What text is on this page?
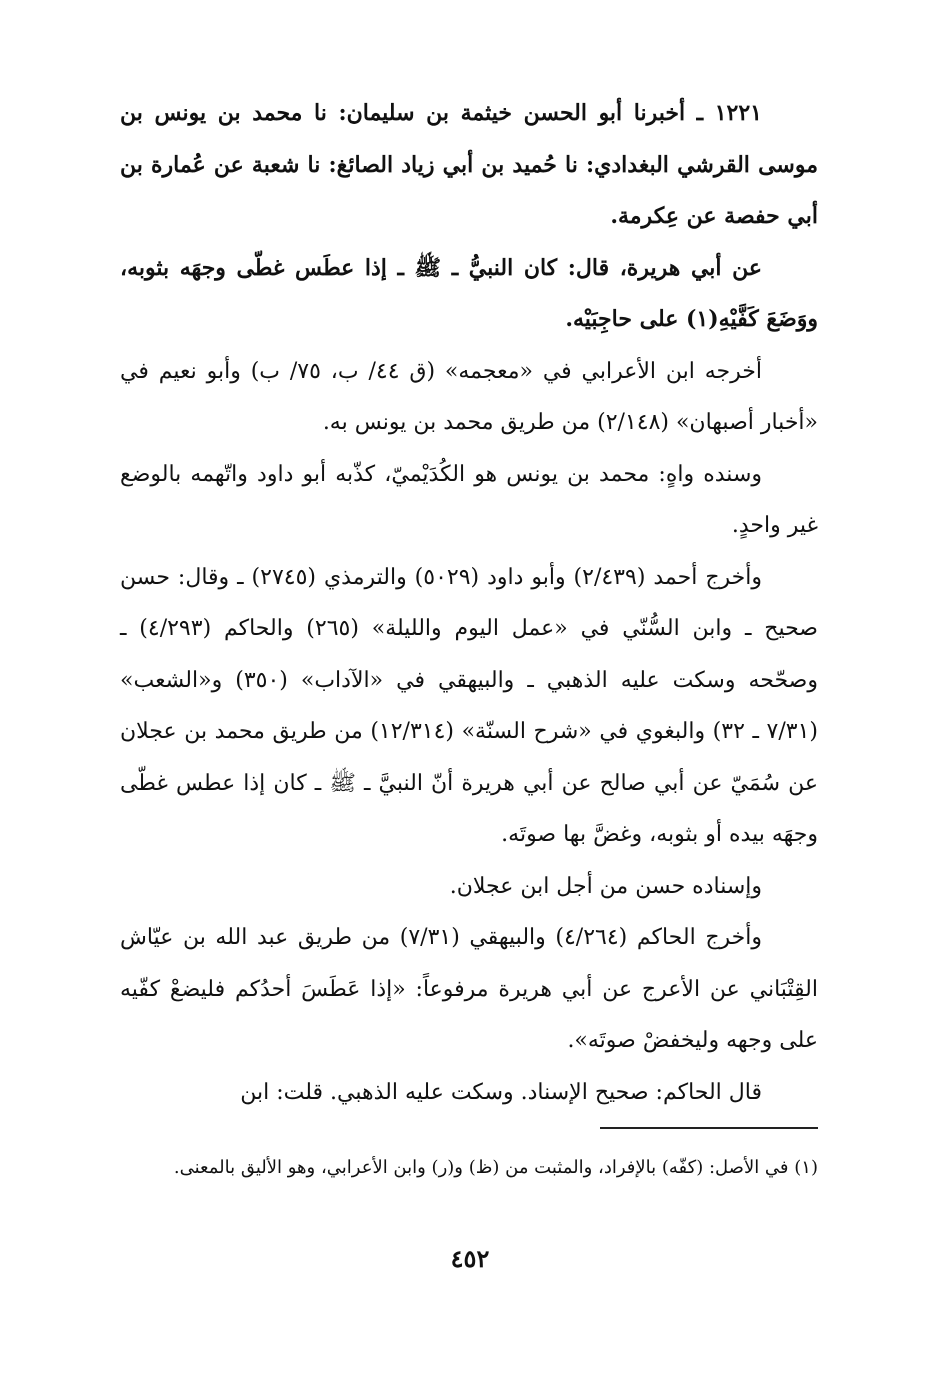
١٢٢١ ـ أخبرنا أبو الحسن خيثمة بن سليمان: نا محمد بن يونس بن موسى القرشي البغدادي: نا حُميد بن أبي زياد الصائغ: نا شعبة عن عُمارة بن أبي حفصة عن عِكرمة.

عن أبي هريرة، قال: كان النبيُّ ـ ﷺ ـ إذا عطَس غطّى وجهَه بثوبه، ووَضَعَ كَفَّيْهِ(١) على حاجِبَيْه.

أخرجه ابن الأعرابي في «معجمه» (ق ٤٤/ ب، ٧٥/ ب) وأبو نعيم في «أخبار أصبهان» (٢/١٤٨) من طريق محمد بن يونس به.

وسنده واهٍ: محمد بن يونس هو الكُدَيْميّ، كذّبه أبو داود واتّهمه بالوضع غير واحدٍ.

وأخرج أحمد (٢/٤٣٩) وأبو داود (٥٠٢٩) والترمذي (٢٧٤٥) ـ وقال: حسن صحيح ـ وابن السُّنّي في «عمل اليوم والليلة» (٢٦٥) والحاكم (٤/٢٩٣) ـ وصحّحه وسكت عليه الذهبي ـ والبيهقي في «الآداب» (٣٥٠) و«الشعب» (٧/٣١ ـ ٣٢) والبغوي في «شرح السنّة» (١٢/٣١٤) من طريق محمد بن عجلان عن سُمَيّ عن أبي صالح عن أبي هريرة أنّ النبيَّ ـ ﷺ ـ كان إذا عطس غطّى وجهَه بيده أو بثوبه، وغضَّ بها صوتَه.

وإسناده حسن من أجل ابن عجلان.

وأخرج الحاكم (٤/٢٦٤) والبيهقي (٧/٣١) من طريق عبد الله بن عيّاش القِتْبَاني عن الأعرج عن أبي هريرة مرفوعاً: «إذا عَطَسَ أحدُكم فليضعْ كفّيه على وجهه وليخفضْ صوتَه».

قال الحاكم: صحيح الإسناد. وسكت عليه الذهبي. قلت: ابن

(١) في الأصل: (كفّه) بالإفراد، والمثبت من (ظ) و(ر) وابن الأعرابي، وهو الأليق بالمعنى.

٤٥٢
